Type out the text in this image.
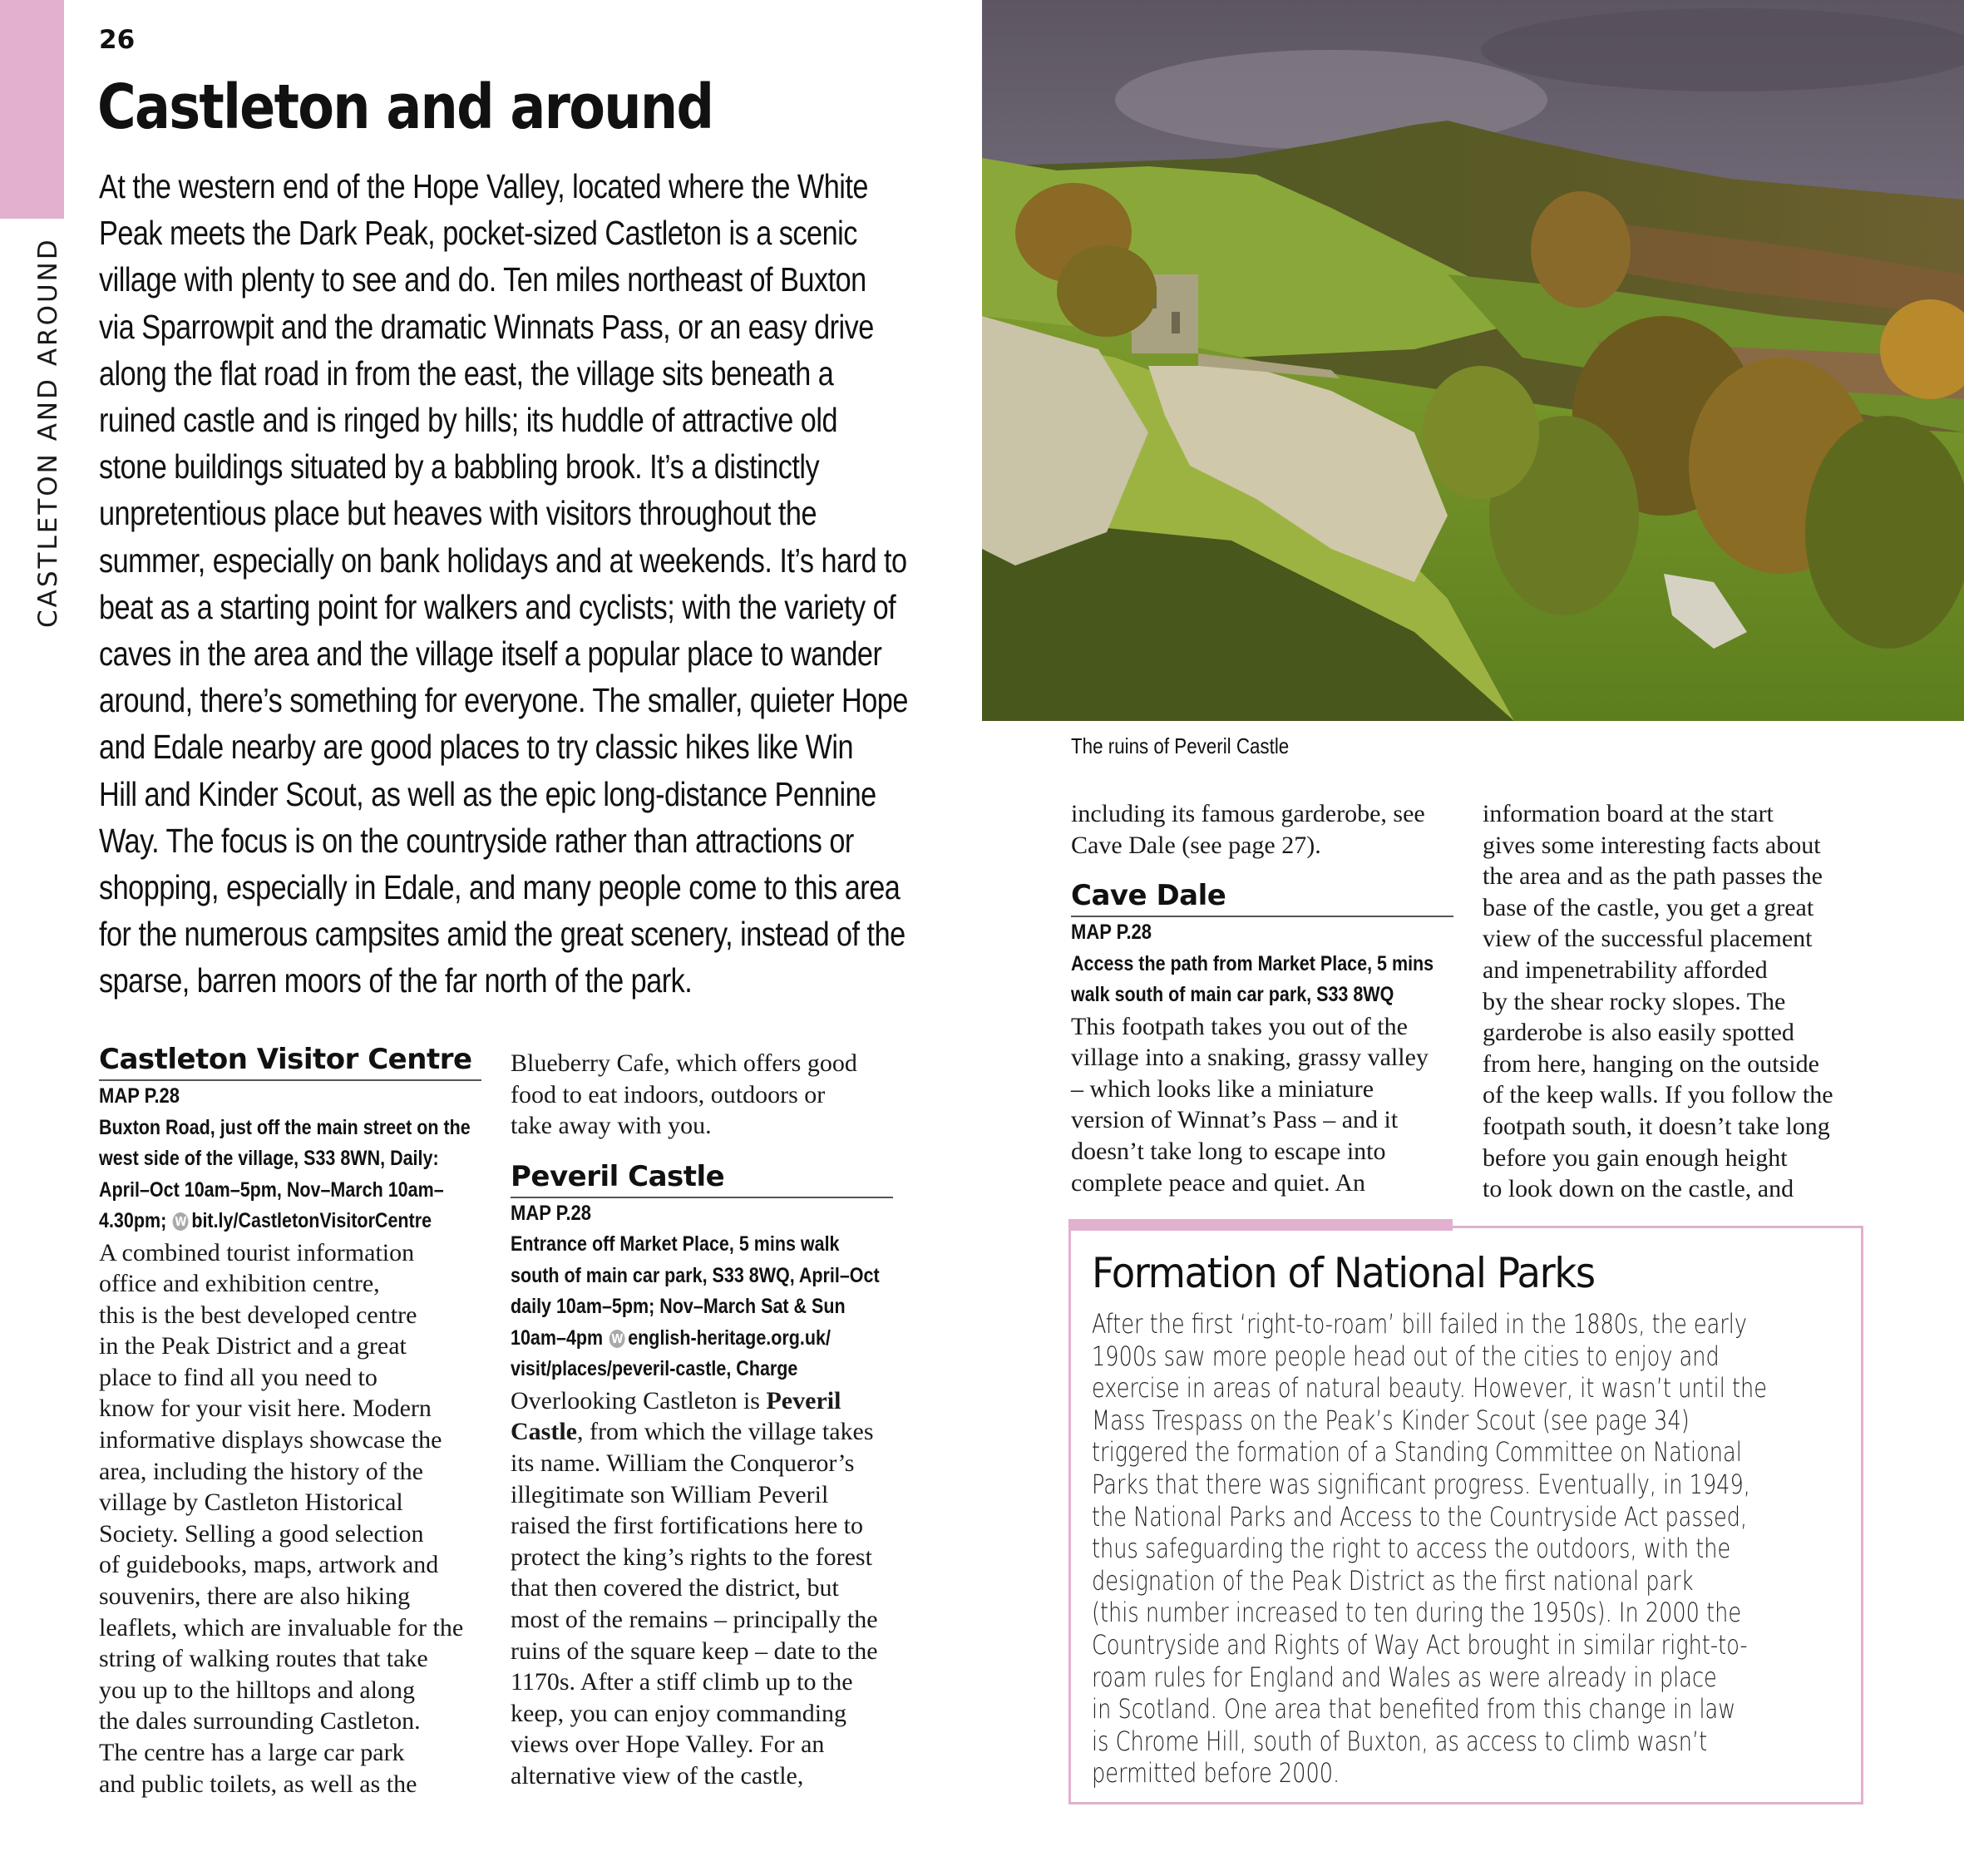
CASTLETON AND AROUND
26
Castleton and around
At the western end of the Hope Valley, located where the White
Peak meets the Dark Peak, pocket-sized Castleton is a scenic
village with plenty to see and do. Ten miles northeast of Buxton
via Sparrowpit and the dramatic Winnats Pass, or an easy drive
along the flat road in from the east, the village sits beneath a
ruined castle and is ringed by hills; its huddle of attractive old
stone buildings situated by a babbling brook. It’s a distinctly
unpretentious place but heaves with visitors throughout the
summer, especially on bank holidays and at weekends. It’s hard to
beat as a starting point for walkers and cyclists; with the variety of
caves in the area and the village itself a popular place to wander
around, there’s something for everyone. The smaller, quieter Hope
and Edale nearby are good places to try classic hikes like Win
Hill and Kinder Scout, as well as the epic long-distance Pennine
Way. The focus is on the countryside rather than attractions or
shopping, especially in Edale, and many people come to this area
for the numerous campsites amid the great scenery, instead of the
sparse, barren moors of the far north of the park.
Castleton Visitor Centre
MAP P.28
Buxton Road, just off the main street on the
west side of the village, S33 8WN, Daily:
April–Oct 10am–5pm, Nov–March 10am–
4.30pm; W bit.ly/CastletonVisitorCentre
A combined tourist information
office and exhibition centre,
this is the best developed centre
in the Peak District and a great
place to find all you need to
know for your visit here. Modern
informative displays showcase the
area, including the history of the
village by Castleton Historical
Society. Selling a good selection
of guidebooks, maps, artwork and
souvenirs, there are also hiking
leaflets, which are invaluable for the
string of walking routes that take
you up to the hilltops and along
the dales surrounding Castleton.
The centre has a large car park
and public toilets, as well as the
Blueberry Cafe, which offers good
food to eat indoors, outdoors or
take away with you.
Peveril Castle
MAP P.28
Entrance off Market Place, 5 mins walk
south of main car park, S33 8WQ, April–Oct
daily 10am–5pm; Nov–March Sat & Sun
10am–4pm W english-heritage.org.uk/
visit/places/peveril-castle, Charge
Overlooking Castleton is Peveril
Castle, from which the village takes
its name. William the Conqueror’s
illegitimate son William Peveril
raised the first fortifications here to
protect the king’s rights to the forest
that then covered the district, but
most of the remains – principally the
ruins of the square keep – date to the
1170s. After a stiff climb up to the
keep, you can enjoy commanding
views over Hope Valley. For an
alternative view of the castle,
The ruins of Peveril Castle
including its famous garderobe, see
Cave Dale (see page 27).
Cave Dale
MAP P.28
Access the path from Market Place, 5 mins
walk south of main car park, S33 8WQ
This footpath takes you out of the
village into a snaking, grassy valley
– which looks like a miniature
version of Winnat’s Pass – and it
doesn’t take long to escape into
complete peace and quiet. An
information board at the start
gives some interesting facts about
the area and as the path passes the
base of the castle, you get a great
view of the successful placement
and impenetrability afforded
by the shear rocky slopes. The
garderobe is also easily spotted
from here, hanging on the outside
of the keep walls. If you follow the
footpath south, it doesn’t take long
before you gain enough height
to look down on the castle, and
Formation of National Parks
After the first ‘right-to-roam’ bill failed in the 1880s, the early
1900s saw more people head out of the cities to enjoy and
exercise in areas of natural beauty. However, it wasn’t until the
Mass Trespass on the Peak’s Kinder Scout (see page 34)
triggered the formation of a Standing Committee on National
Parks that there was significant progress. Eventually, in 1949,
the National Parks and Access to the Countryside Act passed,
thus safeguarding the right to access the outdoors, with the
designation of the Peak District as the first national park
(this number increased to ten during the 1950s). In 2000 the
Countryside and Rights of Way Act brought in similar right-to-
roam rules for England and Wales as were already in place
in Scotland. One area that benefited from this change in law
is Chrome Hill, south of Buxton, as access to climb wasn’t
permitted before 2000.
